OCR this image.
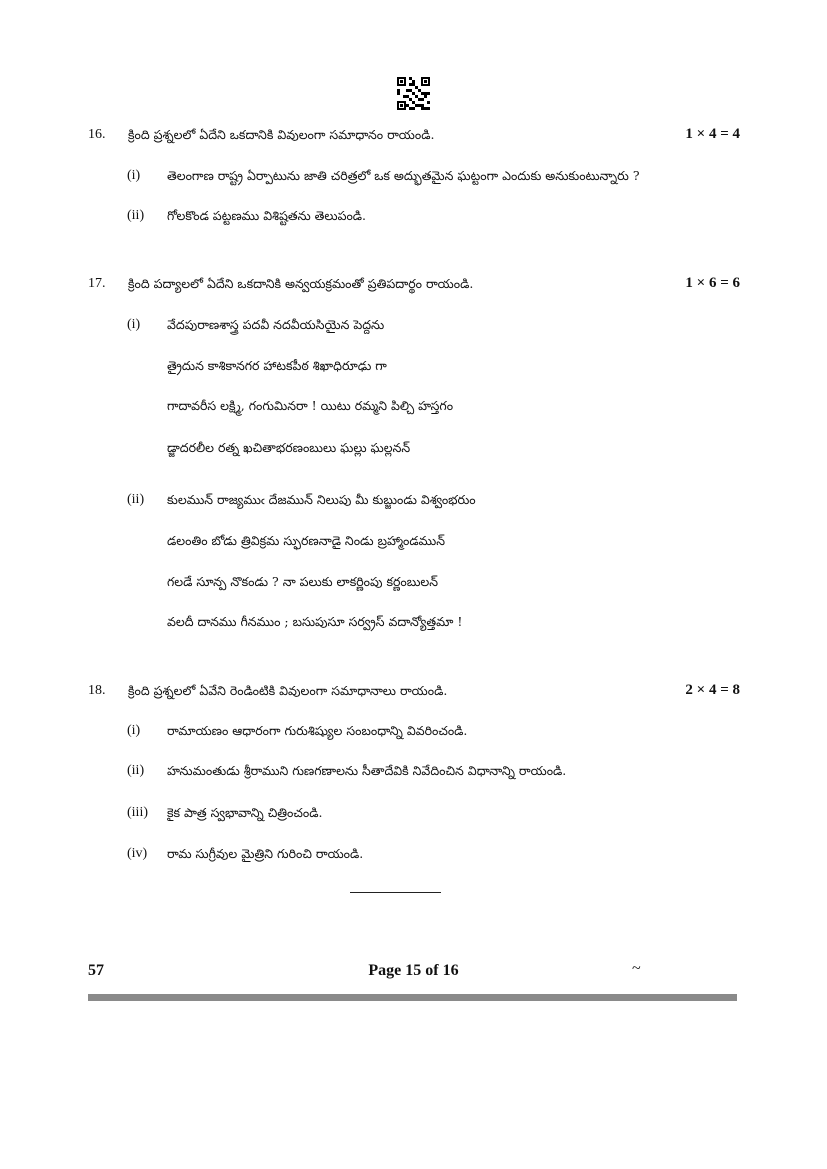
16. క్రింది ప్రశ్నలలో ఏదేని ఒకదానికి వివులంగా సమాధానం రాయండి.	1 × 4 = 4
(i) తెలంగాణ రాష్ట్ర ఏర్పాటును జాతి చరిత్రలో ఒక అద్భుతమైన ఘట్టంగా ఎందుకు అనుకుంటున్నారు ?
(ii) గోలకొండ పట్టణము విశిష్టతను తెలుపండి.
17. క్రింది పద్యాలలో ఏదేని ఒకదానికి అన్వయక్రమంతో ప్రతిపదార్థం రాయండి.	1 × 6 = 6
(i) వేదపురాణశాస్త్ర పదవీ నదవీయసియైన పెద్దను
త్రైదున కాశికానగర హాటకపీఠ శిఖాధిరూఢు గా
గాదావరీస లక్ష్మి, గంగుమినరా ! యిటు రమ్మని పిల్చి హస్తగం
డ్జాదరలీల రత్న ఖచితాభరణంబులు ఘల్లు ఘల్లనన్
(ii) కులమున్ రాజ్యముఁ దేజమున్ నిలుపు మీ కుబ్జుండు విశ్వంభరుం
డలంతిం బోడు త్రివిక్రమ స్ఫురణనాడై నిండు బ్రహ్మాండమున్
గలడే సూన్ప నొకండు ? నా పలుకు లాకర్ణింపు కర్ణంబులన్
వలదీ దానము గీనముం ; బసుపుసూ సర్వ్రస్ వదాన్యోత్తమా !
18. క్రింది ప్రశ్నలలో ఏవేని రెండింటికి వివులంగా సమాధానాలు రాయండి.	2 × 4 = 8
(i) రామాయణం ఆధారంగా గురుశిష్యుల సంబంధాన్ని వివరించండి.
(ii) హనుమంతుడు శ్రీరాముని గుణగణాలను సీతాదేవికి నివేదించిన విధానాన్ని రాయండి.
(iii) కైక పాత్ర స్వభావాన్ని చిత్రించండి.
(iv) రామ సుగ్రీవుల మైత్రిని గురించి రాయండి.
57	Page 15 of 16	~
